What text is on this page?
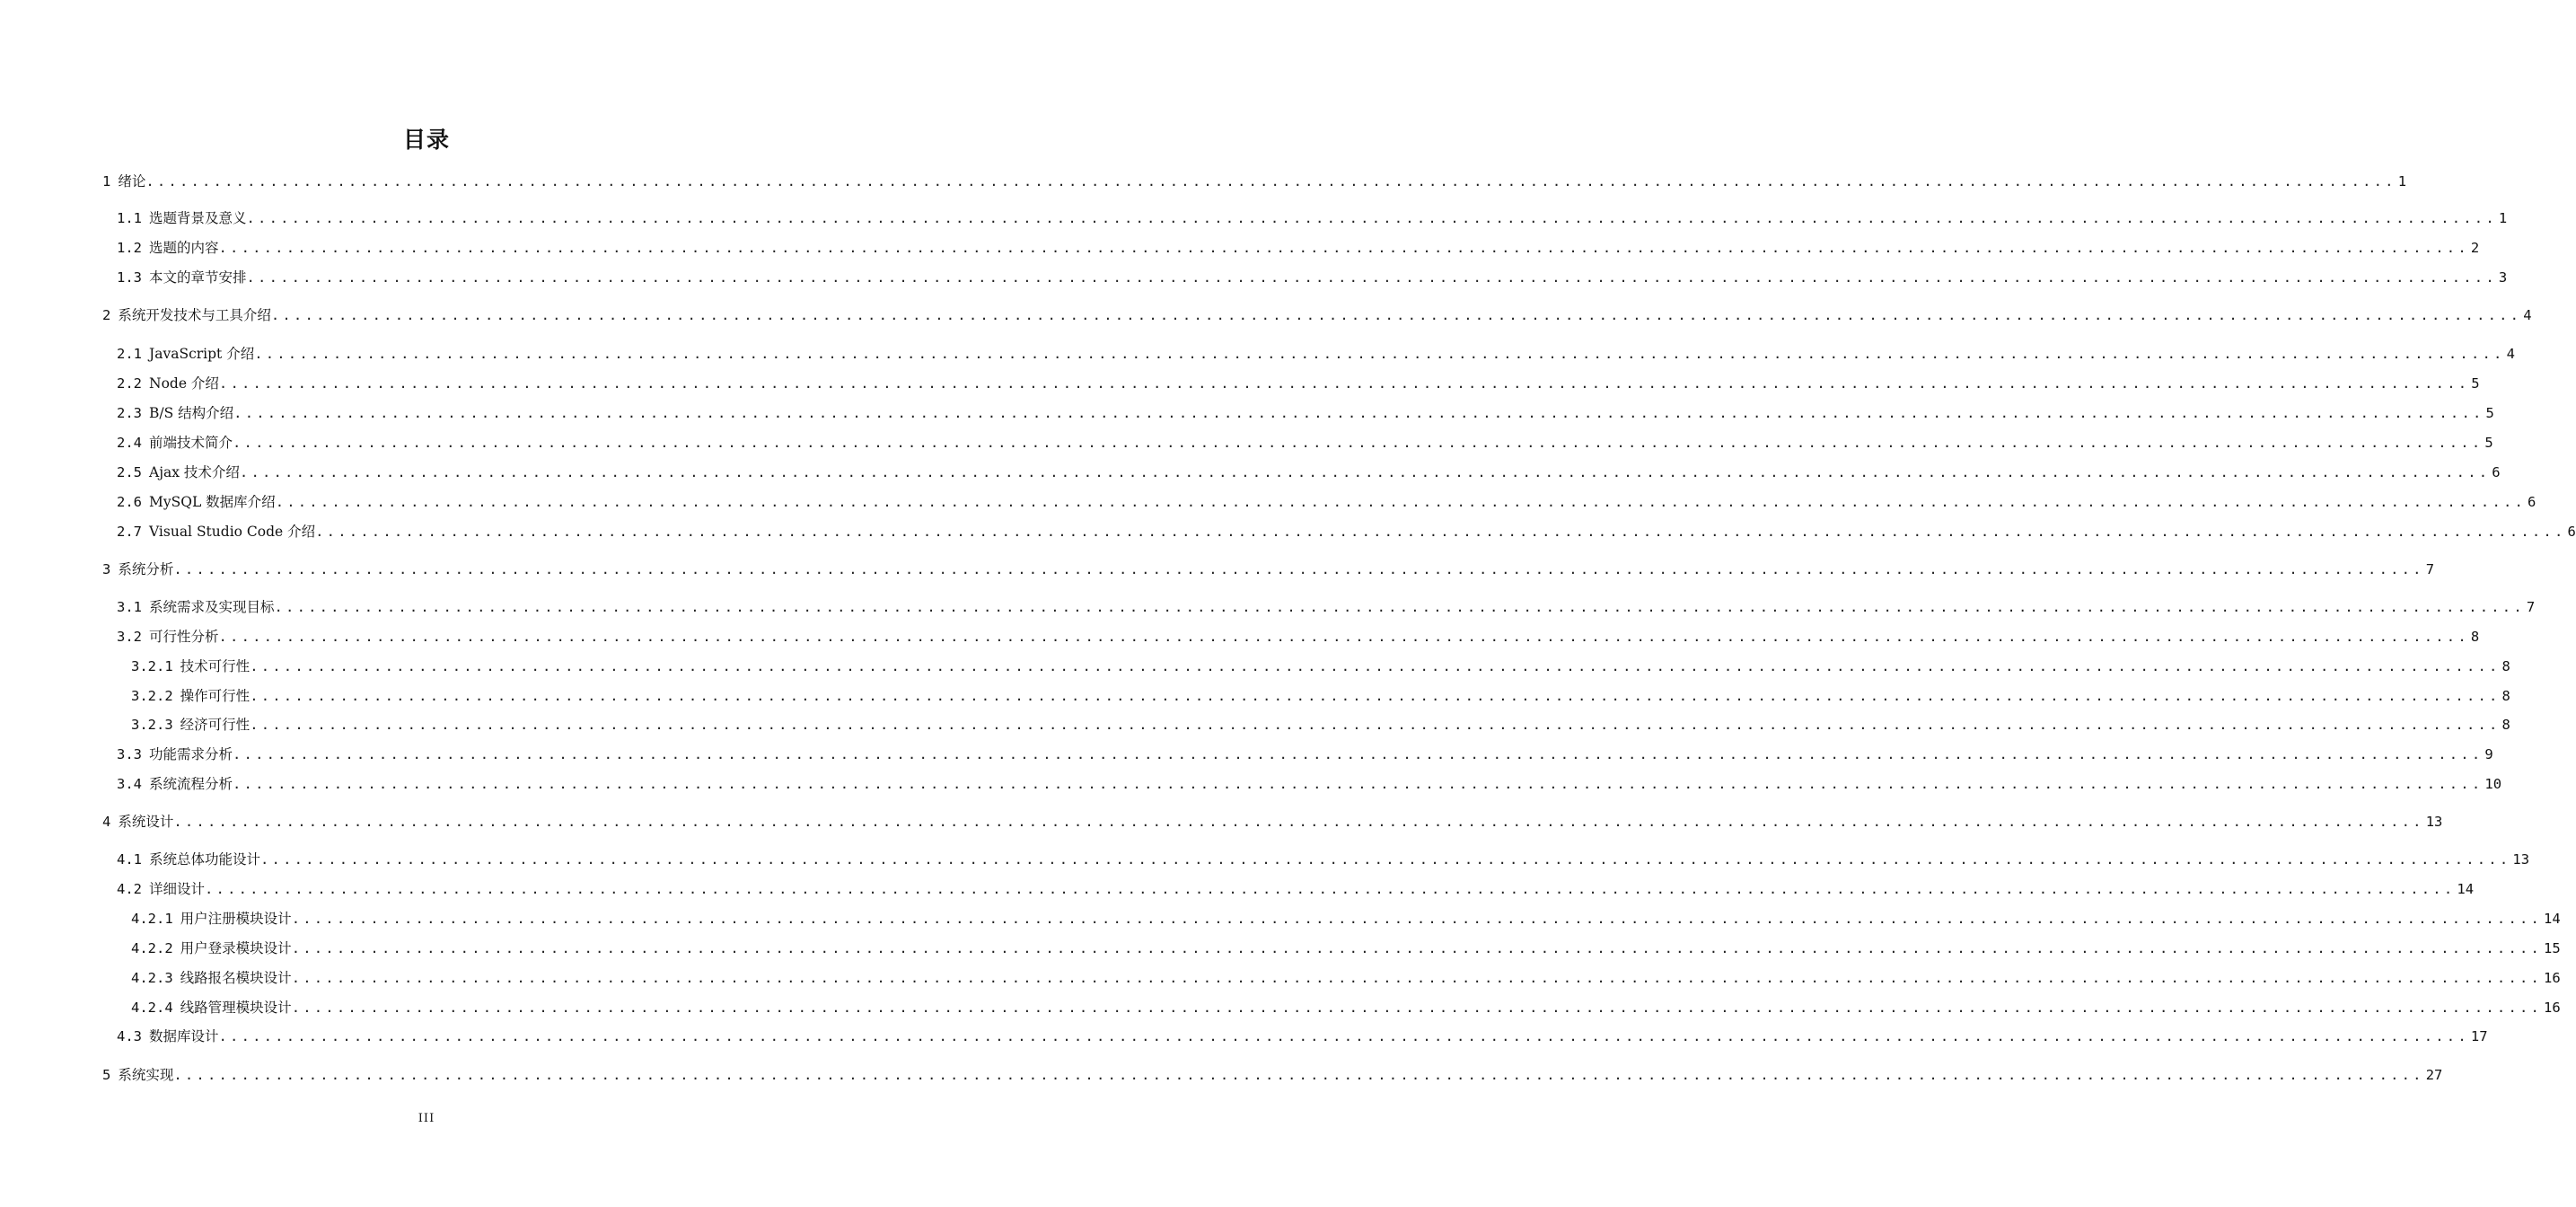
目录
1 绪论 ........................................................................................................................................................................................................ 1
1.1 选题背景及意义 ........................................................................................................................................................................................................ 1
1.2 选题的内容 ........................................................................................................................................................................................................ 2
1.3 本文的章节安排 ........................................................................................................................................................................................................ 3
2 系统开发技术与工具介绍 ........................................................................................................................................................................................................ 4
2.1 JavaScript 介绍 ........................................................................................................................................................................................................ 4
2.2 Node 介绍 ........................................................................................................................................................................................................ 5
2.3 B/S 结构介绍 ........................................................................................................................................................................................................ 5
2.4 前端技术简介 ........................................................................................................................................................................................................ 5
2.5 Ajax 技术介绍 ........................................................................................................................................................................................................ 6
2.6 MySQL 数据库介绍 ........................................................................................................................................................................................................ 6
2.7 Visual Studio Code 介绍 ........................................................................................................................................................................................................ 6
3 系统分析 ........................................................................................................................................................................................................ 7
3.1 系统需求及实现目标 ........................................................................................................................................................................................................ 7
3.2 可行性分析 ........................................................................................................................................................................................................ 8
3.2.1 技术可行性 ........................................................................................................................................................................................................ 8
3.2.2 操作可行性 ........................................................................................................................................................................................................ 8
3.2.3 经济可行性 ........................................................................................................................................................................................................ 8
3.3 功能需求分析 ........................................................................................................................................................................................................ 9
3.4 系统流程分析 ........................................................................................................................................................................................................ 10
4 系统设计 ........................................................................................................................................................................................................ 13
4.1 系统总体功能设计 ........................................................................................................................................................................................................ 13
4.2 详细设计 ........................................................................................................................................................................................................ 14
4.2.1 用户注册模块设计 ........................................................................................................................................................................................................ 14
4.2.2 用户登录模块设计 ........................................................................................................................................................................................................ 15
4.2.3 线路报名模块设计 ........................................................................................................................................................................................................ 16
4.2.4 线路管理模块设计 ........................................................................................................................................................................................................ 16
4.3 数据库设计 ........................................................................................................................................................................................................ 17
5 系统实现 ........................................................................................................................................................................................................ 27
III
